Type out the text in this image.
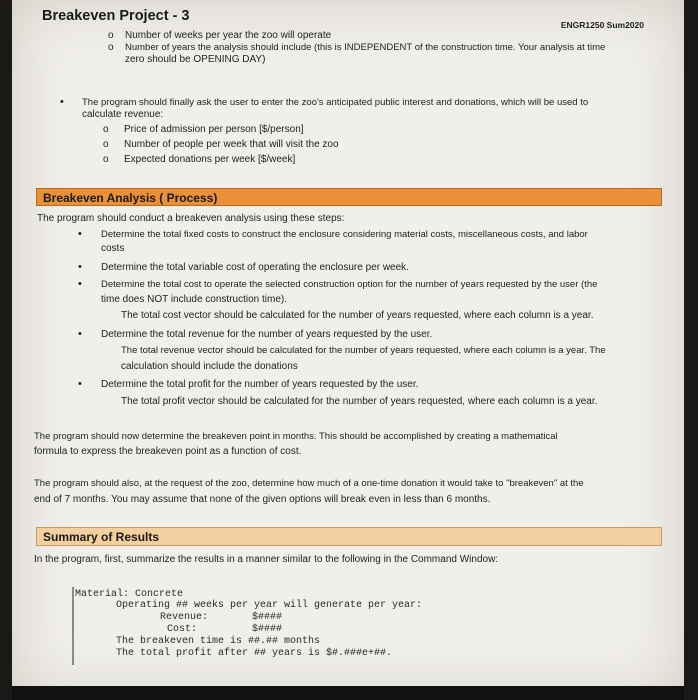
Breakeven Project - 3
ENGR1250 Sum2020
o Number of weeks per year the zoo will operate
o Number of years the analysis should include (this is INDEPENDENT of the construction time. Your analysis at time
zero should be OPENING DAY)
• The program should finally ask the user to enter the zoo's anticipated public interest and donations, which will be used to
calculate revenue:
o Price of admission per person [$/person]
o Number of people per week that will visit the zoo
o Expected donations per week [$/week]
Breakeven Analysis ( Process)
The program should conduct a breakeven analysis using these steps:
• Determine the total fixed costs to construct the enclosure considering material costs, miscellaneous costs, and labor
costs
• Determine the total variable cost of operating the enclosure per week.
• Determine the total cost to operate the selected construction option for the number of years requested by the user (the
time does NOT include construction time).
The total cost vector should be calculated for the number of years requested, where each column is a year.
• Determine the total revenue for the number of years requested by the user.
The total revenue vector should be calculated for the number of years requested, where each column is a year. The
calculation should include the donations
• Determine the total profit for the number of years requested by the user.
The total profit vector should be calculated for the number of years requested, where each column is a year.
The program should now determine the breakeven point in months. This should be accomplished by creating a mathematical
formula to express the breakeven point as a function of cost.
The program should also, at the request of the zoo, determine how much of a one-time donation it would take to "breakeven" at the
end of 7 months. You may assume that none of the given options will break even in less than 6 months.
Summary of Results
In the program, first, summarize the results in a manner similar to the following in the Command Window:
Material: Concrete
Operating ## weeks per year will generate per year:
Revenue:	$####
Cost:	$####
The breakeven time is ##.## months
The total profit after ## years is $#.###e+##.
